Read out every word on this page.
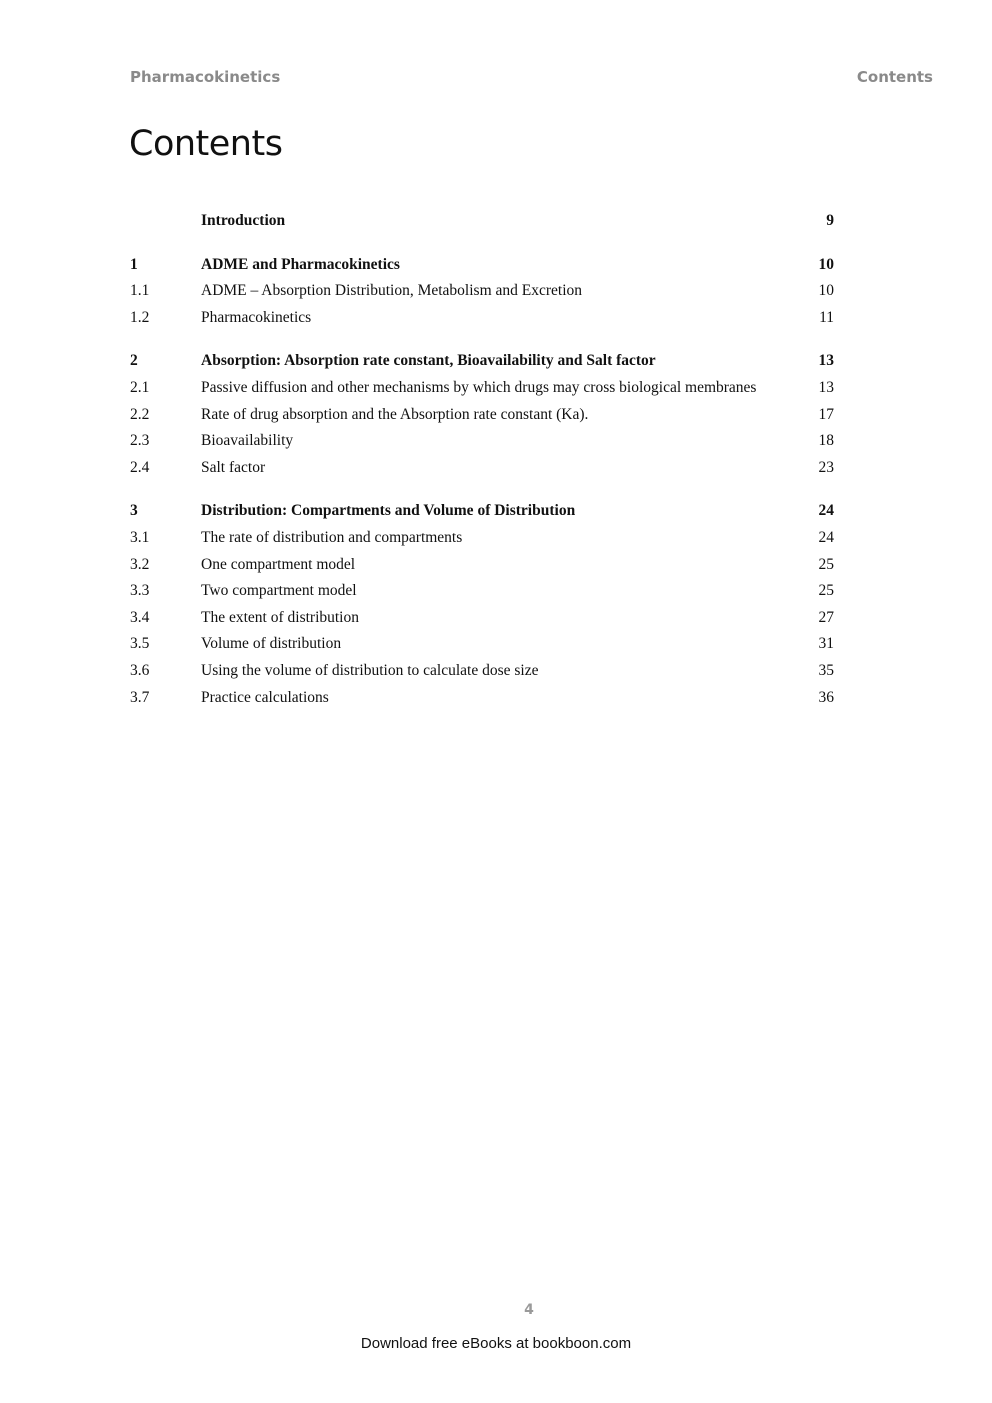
Pharmacokinetics	Contents
Contents
Introduction	9
1	ADME and Pharmacokinetics	10
1.1	ADME – Absorption Distribution, Metabolism and Excretion	10
1.2	Pharmacokinetics	11
2	Absorption: Absorption rate constant, Bioavailability and Salt factor	13
2.1	Passive diffusion and other mechanisms by which drugs may cross biological membranes	13
2.2	Rate of drug absorption and the Absorption rate constant (Ka).	17
2.3	Bioavailability	18
2.4	Salt factor	23
3	Distribution: Compartments and Volume of Distribution	24
3.1	The rate of distribution and compartments	24
3.2	One compartment model	25
3.3	Two compartment model	25
3.4	The extent of distribution	27
3.5	Volume of distribution	31
3.6	Using the volume of distribution to calculate dose size	35
3.7	Practice calculations	36
4
Download free eBooks at bookboon.com
